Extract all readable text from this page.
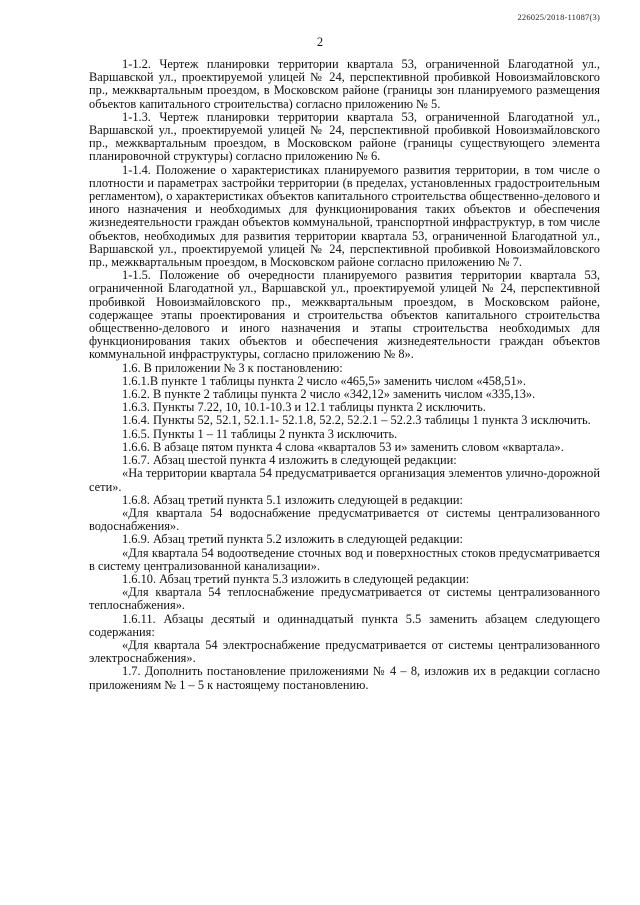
226025/2018-11087(3)
2

1-1.2. Чертеж планировки территории квартала 53, ограниченной Благодатной ул., Варшавской ул., проектируемой улицей № 24, перспективной пробивкой Новоизмайловского пр., межквартальным проездом, в Московском районе (границы зон планируемого размещения объектов капитального строительства) согласно приложению № 5.

1-1.3. Чертеж планировки территории квартала 53, ограниченной Благодатной ул., Варшавской ул., проектируемой улицей № 24, перспективной пробивкой Новоизмайловского пр., межквартальным проездом, в Московском районе (границы существующего элемента планировочной структуры) согласно приложению № 6.

1-1.4. Положение о характеристиках планируемого развития территории, в том числе о плотности и параметрах застройки территории (в пределах, установленных градостроительным регламентом), о характеристиках объектов капитального строительства общественно-делового и иного назначения и необходимых для функционирования таких объектов и обеспечения жизнедеятельности граждан объектов коммунальной, транспортной инфраструктур, в том числе объектов, необходимых для развития территории квартала 53, ограниченной Благодатной ул., Варшавской ул., проектируемой улицей № 24, перспективной пробивкой Новоизмайловского пр., межквартальным проездом, в Московском районе согласно приложению № 7.

1-1.5. Положение об очередности планируемого развития территории квартала 53, ограниченной Благодатной ул., Варшавской ул., проектируемой улицей № 24, перспективной пробивкой Новоизмайловского пр., межквартальным проездом, в Московском районе, содержащее этапы проектирования и строительства объектов капитального строительства общественно-делового и иного назначения и этапы строительства необходимых для функционирования таких объектов и обеспечения жизнедеятельности граждан объектов коммунальной инфраструктуры, согласно приложению № 8».

1.6. В приложении № 3 к постановлению:

1.6.1.В пункте 1 таблицы пункта 2 число «465,5» заменить числом «458,51».

1.6.2. В пункте 2 таблицы пункта 2 число «342,12» заменить числом «335,13».

1.6.3. Пункты 7.22, 10, 10.1-10.3 и 12.1 таблицы пункта 2 исключить.

1.6.4. Пункты 52, 52.1, 52.1.1- 52.1.8, 52.2, 52.2.1 – 52.2.3 таблицы 1 пункта 3 исключить.

1.6.5. Пункты 1 – 11 таблицы 2 пункта 3 исключить.

1.6.6. В абзаце пятом пункта 4 слова «кварталов 53 и» заменить словом «квартала».

1.6.7. Абзац шестой пункта 4 изложить в следующей редакции:

«На территории квартала 54 предусматривается организация элементов улично-дорожной сети».

1.6.8. Абзац третий пункта 5.1 изложить следующей в редакции:

«Для квартала 54 водоснабжение предусматривается от системы централизованного водоснабжения».

1.6.9. Абзац третий пункта 5.2 изложить в следующей редакции:

«Для квартала 54 водоотведение сточных вод и поверхностных стоков предусматривается в систему централизованной канализации».

1.6.10. Абзац третий пункта 5.3 изложить в следующей редакции:

«Для квартала 54 теплоснабжение предусматривается от системы централизованного теплоснабжения».

1.6.11. Абзацы десятый и одиннадцатый пункта 5.5 заменить абзацем следующего содержания:

«Для квартала 54 электроснабжение предусматривается от системы централизованного электроснабжения».

1.7. Дополнить постановление приложениями № 4 – 8, изложив их в редакции согласно приложениям № 1 – 5 к настоящему постановлению.
